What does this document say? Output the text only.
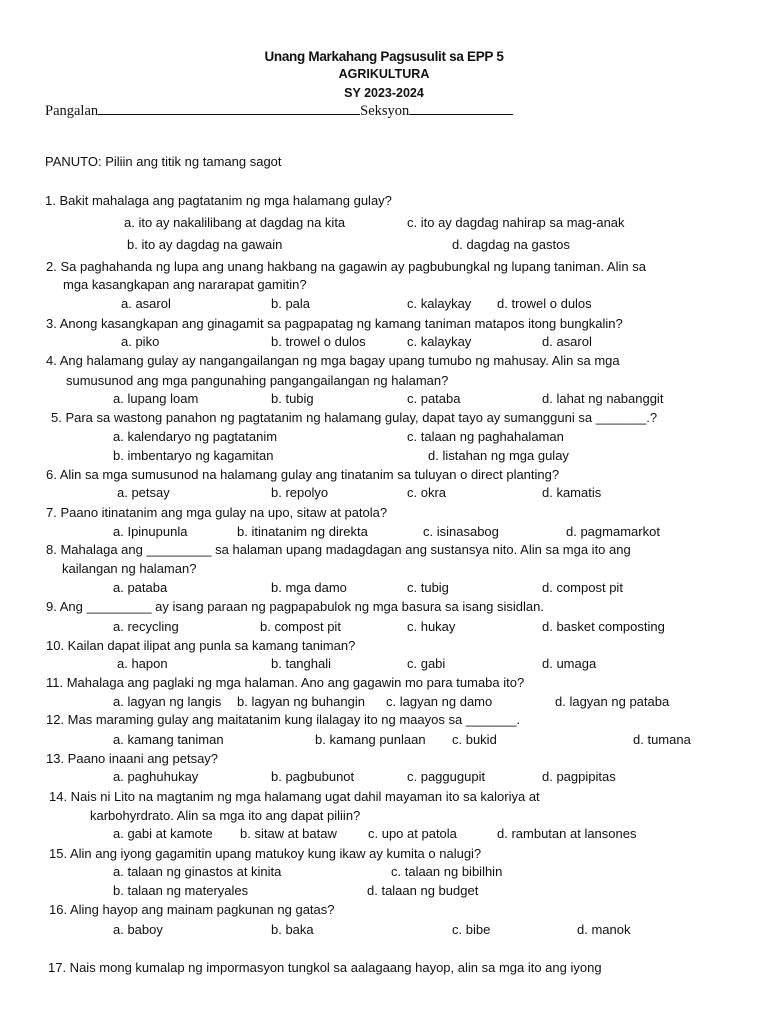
Unang Markahang Pagsusulit sa EPP 5
AGRIKULTURA
SY 2023-2024
Pangalan	Seksyon
PANUTO: Piliin ang titik ng tamang sagot
1. Bakit mahalaga ang pagtatanim ng mga halamang gulay?
a. ito ay nakalilibang at dagdag na kita	c. ito ay dagdag nahirap sa mag-anak
b. ito ay dagdag na gawain	d. dagdag na gastos
2. Sa paghahanda ng lupa ang unang hakbang na gagawin ay pagbubungkal ng lupang taniman. Alin sa
mga kasangkapan ang nararapat gamitin?
a. asarol	b. pala	c. kalaykay d. trowel o dulos
3. Anong kasangkapan ang ginagamit sa pagpapatag ng kamang taniman matapos itong bungkalin?
a. piko	b. trowel o dulos	c. kalaykay	d. asarol
4. Ang halamang gulay ay nangangailangan ng mga bagay upang tumubo ng mahusay. Alin sa mga
sumusunod ang mga pangunahing pangangailangan ng halaman?
a. lupang loam	b. tubig	c. pataba	d. lahat ng nabanggit
5. Para sa wastong panahon ng pagtatanim ng halamang gulay, dapat tayo ay sumangguni sa _______.?
a. kalendaryo ng pagtatanim	c. talaan ng paghahalaman
b. imbentaryo ng kagamitan	d. listahan ng mga gulay
6. Alin sa mga sumusunod na halamang gulay ang tinatanim sa tuluyan o direct planting?
a. petsay	b. repolyo	c. okra	d. kamatis
7. Paano itinatanim ang mga gulay na upo, sitaw at patola?
a. Ipinupunla	b. itinatanim ng direkta	c. isinasabog	d. pagmamarkot
8. Mahalaga ang _________ sa halaman upang madagdagan ang sustansya nito. Alin sa mga ito ang
kailangan ng halaman?
a. pataba	b. mga damo	c. tubig	d. compost pit
9. Ang _________ ay isang paraan ng pagpapabulok ng mga basura sa isang sisidlan.
a. recycling	b. compost pit	c. hukay	d. basket composting
10. Kailan dapat ilipat ang punla sa kamang taniman?
a. hapon	b. tanghali	c. gabi	d. umaga
11. Mahalaga ang paglaki ng mga halaman. Ano ang gagawin mo para tumaba ito?
a. lagyan ng langis b. lagyan ng buhangin c. lagyan ng damo	d. lagyan ng pataba
12. Mas maraming gulay ang maitatanim kung ilalagay ito ng maayos sa _______.
a. kamang taniman	b. kamang punlaan c. bukid	d. tumana
13. Paano inaani ang petsay?
a. paghuhukay	b. pagbubunot	c. paggugupit	d. pagpipitas
14. Nais ni Lito na magtanim ng mga halamang ugat dahil mayaman ito sa kaloriya at
karbohyrdrato. Alin sa mga ito ang dapat piliin?
a. gabi at kamote b. sitaw at bataw c. upo at patola	d. rambutan at lansones
15. Alin ang iyong gagamitin upang matukoy kung ikaw ay kumita o nalugi?
a. talaan ng ginastos at kinita	c. talaan ng bibilhin
b. talaan ng materyales	d. talaan ng budget
16. Aling hayop ang mainam pagkunan ng gatas?
a. baboy	b. baka	c. bibe	d. manok
17. Nais mong kumalap ng impormasyon tungkol sa aalagaang hayop, alin sa mga ito ang iyong
